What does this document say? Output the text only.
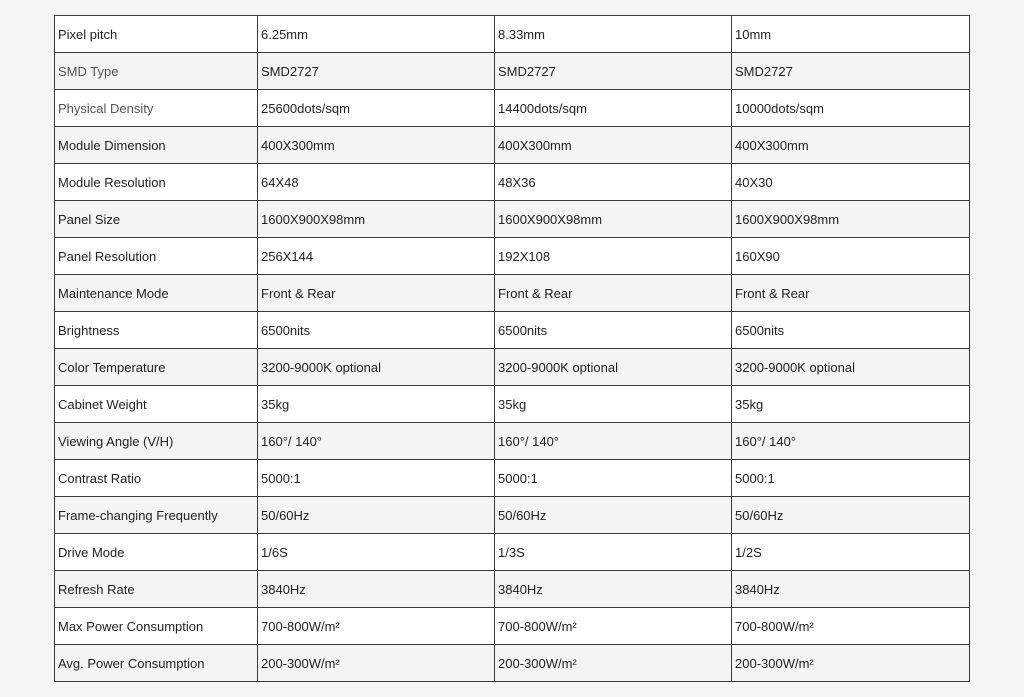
Pixel pitch	6.25mm	8.33mm	10mm
SMD Type	SMD2727	SMD2727	SMD2727
Physical Density	25600dots/sqm	14400dots/sqm	10000dots/sqm
Module Dimension	400X300mm	400X300mm	400X300mm
Module Resolution	64X48	48X36	40X30
Panel Size	1600X900X98mm	1600X900X98mm	1600X900X98mm
Panel Resolution	256X144	192X108	160X90
Maintenance Mode	Front & Rear	Front & Rear	Front & Rear
Brightness	6500nits	6500nits	6500nits
Color Temperature	3200-9000K optional	3200-9000K optional	3200-9000K optional
Cabinet Weight	35kg	35kg	35kg
Viewing Angle (V/H)	160°/ 140°	160°/ 140°	160°/ 140°
Contrast Ratio	5000:1	5000:1	5000:1
Frame-changing Frequently	50/60Hz	50/60Hz	50/60Hz
Drive Mode	1/6S	1/3S	1/2S
Refresh Rate	3840Hz	3840Hz	3840Hz
Max Power Consumption	700-800W/m²	700-800W/m²	700-800W/m²
Avg. Power Consumption	200-300W/m²	200-300W/m²	200-300W/m²
